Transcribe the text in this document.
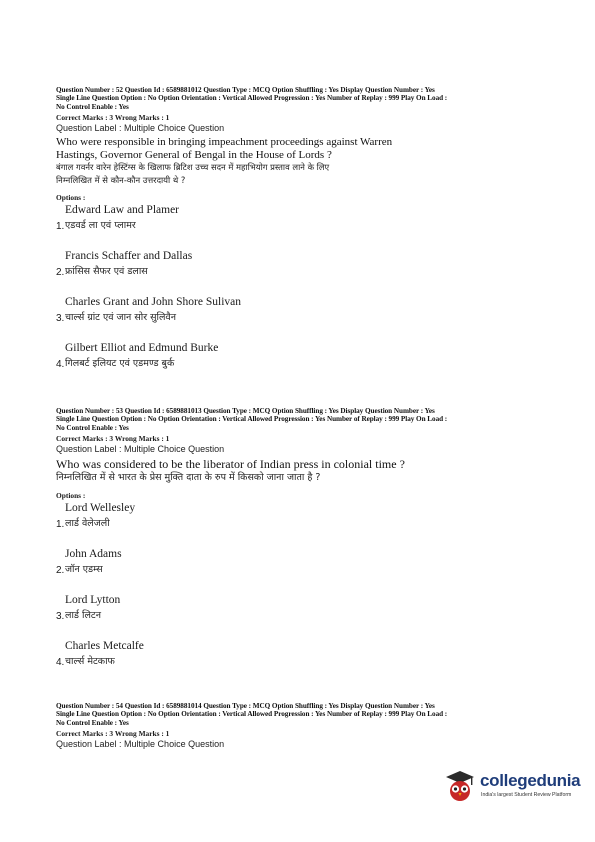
Question Number : 52 Question Id : 6589881012 Question Type : MCQ Option Shuffling : Yes Display Question Number : Yes
Single Line Question Option : No Option Orientation : Vertical Allowed Progression : Yes Number of Replay : 999 Play On Load :
No Control Enable : Yes
Correct Marks : 3 Wrong Marks : 1
Question Label : Multiple Choice Question
Who were responsible in bringing impeachment proceedings against Warren
Hastings, Governor General of Bengal in the House of Lords ?
बंगाल गवर्नर वारेन हेस्टिंग्स के खिलाफ ब्रिटिश उच्च सदन में महाभियोग प्रस्ताव लाने के लिए
निम्नलिखित में से कौन-कौन उत्तरदायी थे ?
Options :
1.
Edward Law and Plamer
एडवर्ड ला एवं प्लामर
2.
Francis Schaffer and Dallas
फ्रांसिस सैफर एवं डलास
3.
Charles Grant and John Shore Sulivan
चार्ल्स ग्रांट एवं जान सोर सुलिवैन
4.
Gilbert Elliot and Edmund Burke
गिलबर्ट इलियट एवं एडमण्ड बुर्क
Question Number : 53 Question Id : 6589881013 Question Type : MCQ Option Shuffling : Yes Display Question Number : Yes
Single Line Question Option : No Option Orientation : Vertical Allowed Progression : Yes Number of Replay : 999 Play On Load :
No Control Enable : Yes
Correct Marks : 3 Wrong Marks : 1
Question Label : Multiple Choice Question
Who was considered to be the liberator of Indian press in colonial time ?
निम्नलिखित में से भारत के प्रेस मुक्ति दाता के रुप में किसको जाना जाता है ?
Options :
1.
Lord Wellesley
लार्ड वेलेजली
2.
John Adams
जॉन एडम्स
3.
Lord Lytton
लार्ड लिटन
4.
Charles Metcalfe
चार्ल्स मेटकाफ
Question Number : 54 Question Id : 6589881014 Question Type : MCQ Option Shuffling : Yes Display Question Number : Yes
Single Line Question Option : No Option Orientation : Vertical Allowed Progression : Yes Number of Replay : 999 Play On Load :
No Control Enable : Yes
Correct Marks : 3 Wrong Marks : 1
Question Label : Multiple Choice Question
collegedunia
India's largest Student Review Platform
